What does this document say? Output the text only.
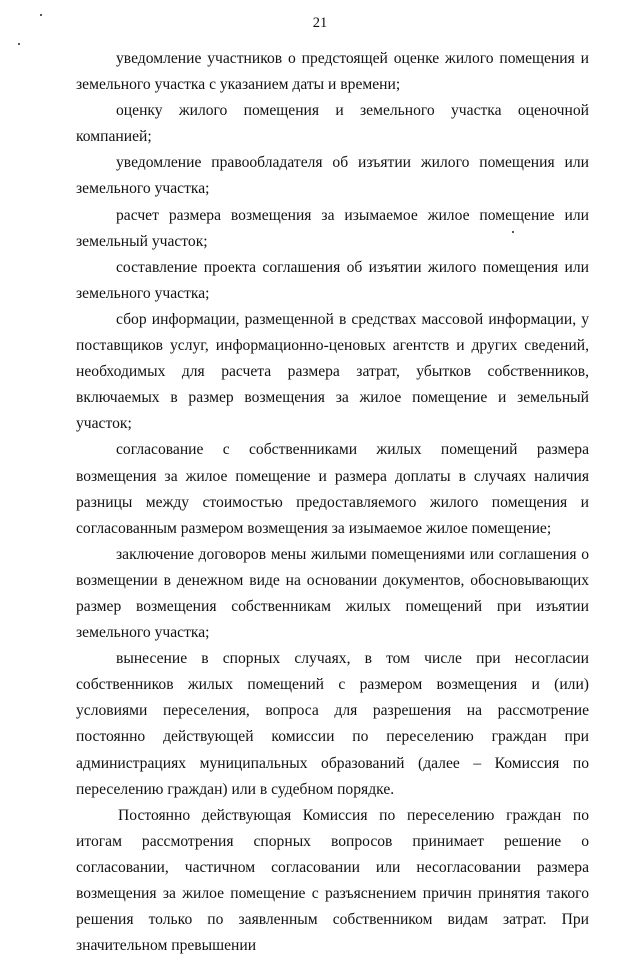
21

уведомление участников о предстоящей оценке жилого помещения и земельного участка с указанием даты и времени;

оценку жилого помещения и земельного участка оценочной компанией;

уведомление правообладателя об изъятии жилого помещения или земельного участка;

расчет размера возмещения за изымаемое жилое помещение или земельный участок;

составление проекта соглашения об изъятии жилого помещения или земельного участка;

сбор информации, размещенной в средствах массовой информации, у поставщиков услуг, информационно-ценовых агентств и других сведений, необходимых для расчета размера затрат, убытков собственников, включаемых в размер возмещения за жилое помещение и земельный участок;

согласование с собственниками жилых помещений размера возмещения за жилое помещение и размера доплаты в случаях наличия разницы между стоимостью предоставляемого жилого помещения и согласованным размером возмещения за изымаемое жилое помещение;

заключение договоров мены жилыми помещениями или соглашения о возмещении в денежном виде на основании документов, обосновывающих размер возмещения собственникам жилых помещений при изъятии земельного участка;

вынесение в спорных случаях, в том числе при несогласии собственников жилых помещений с размером возмещения и (или) условиями переселения, вопроса для разрешения на рассмотрение постоянно действующей комиссии по переселению граждан при администрациях муниципальных образований (далее – Комиссия по переселению граждан) или в судебном порядке.

Постоянно действующая Комиссия по переселению граждан по итогам рассмотрения спорных вопросов принимает решение о согласовании, частичном согласовании или несогласовании размера возмещения за жилое помещение с разъяснением причин принятия такого решения только по заявленным собственником видам затрат. При значительном превышении
